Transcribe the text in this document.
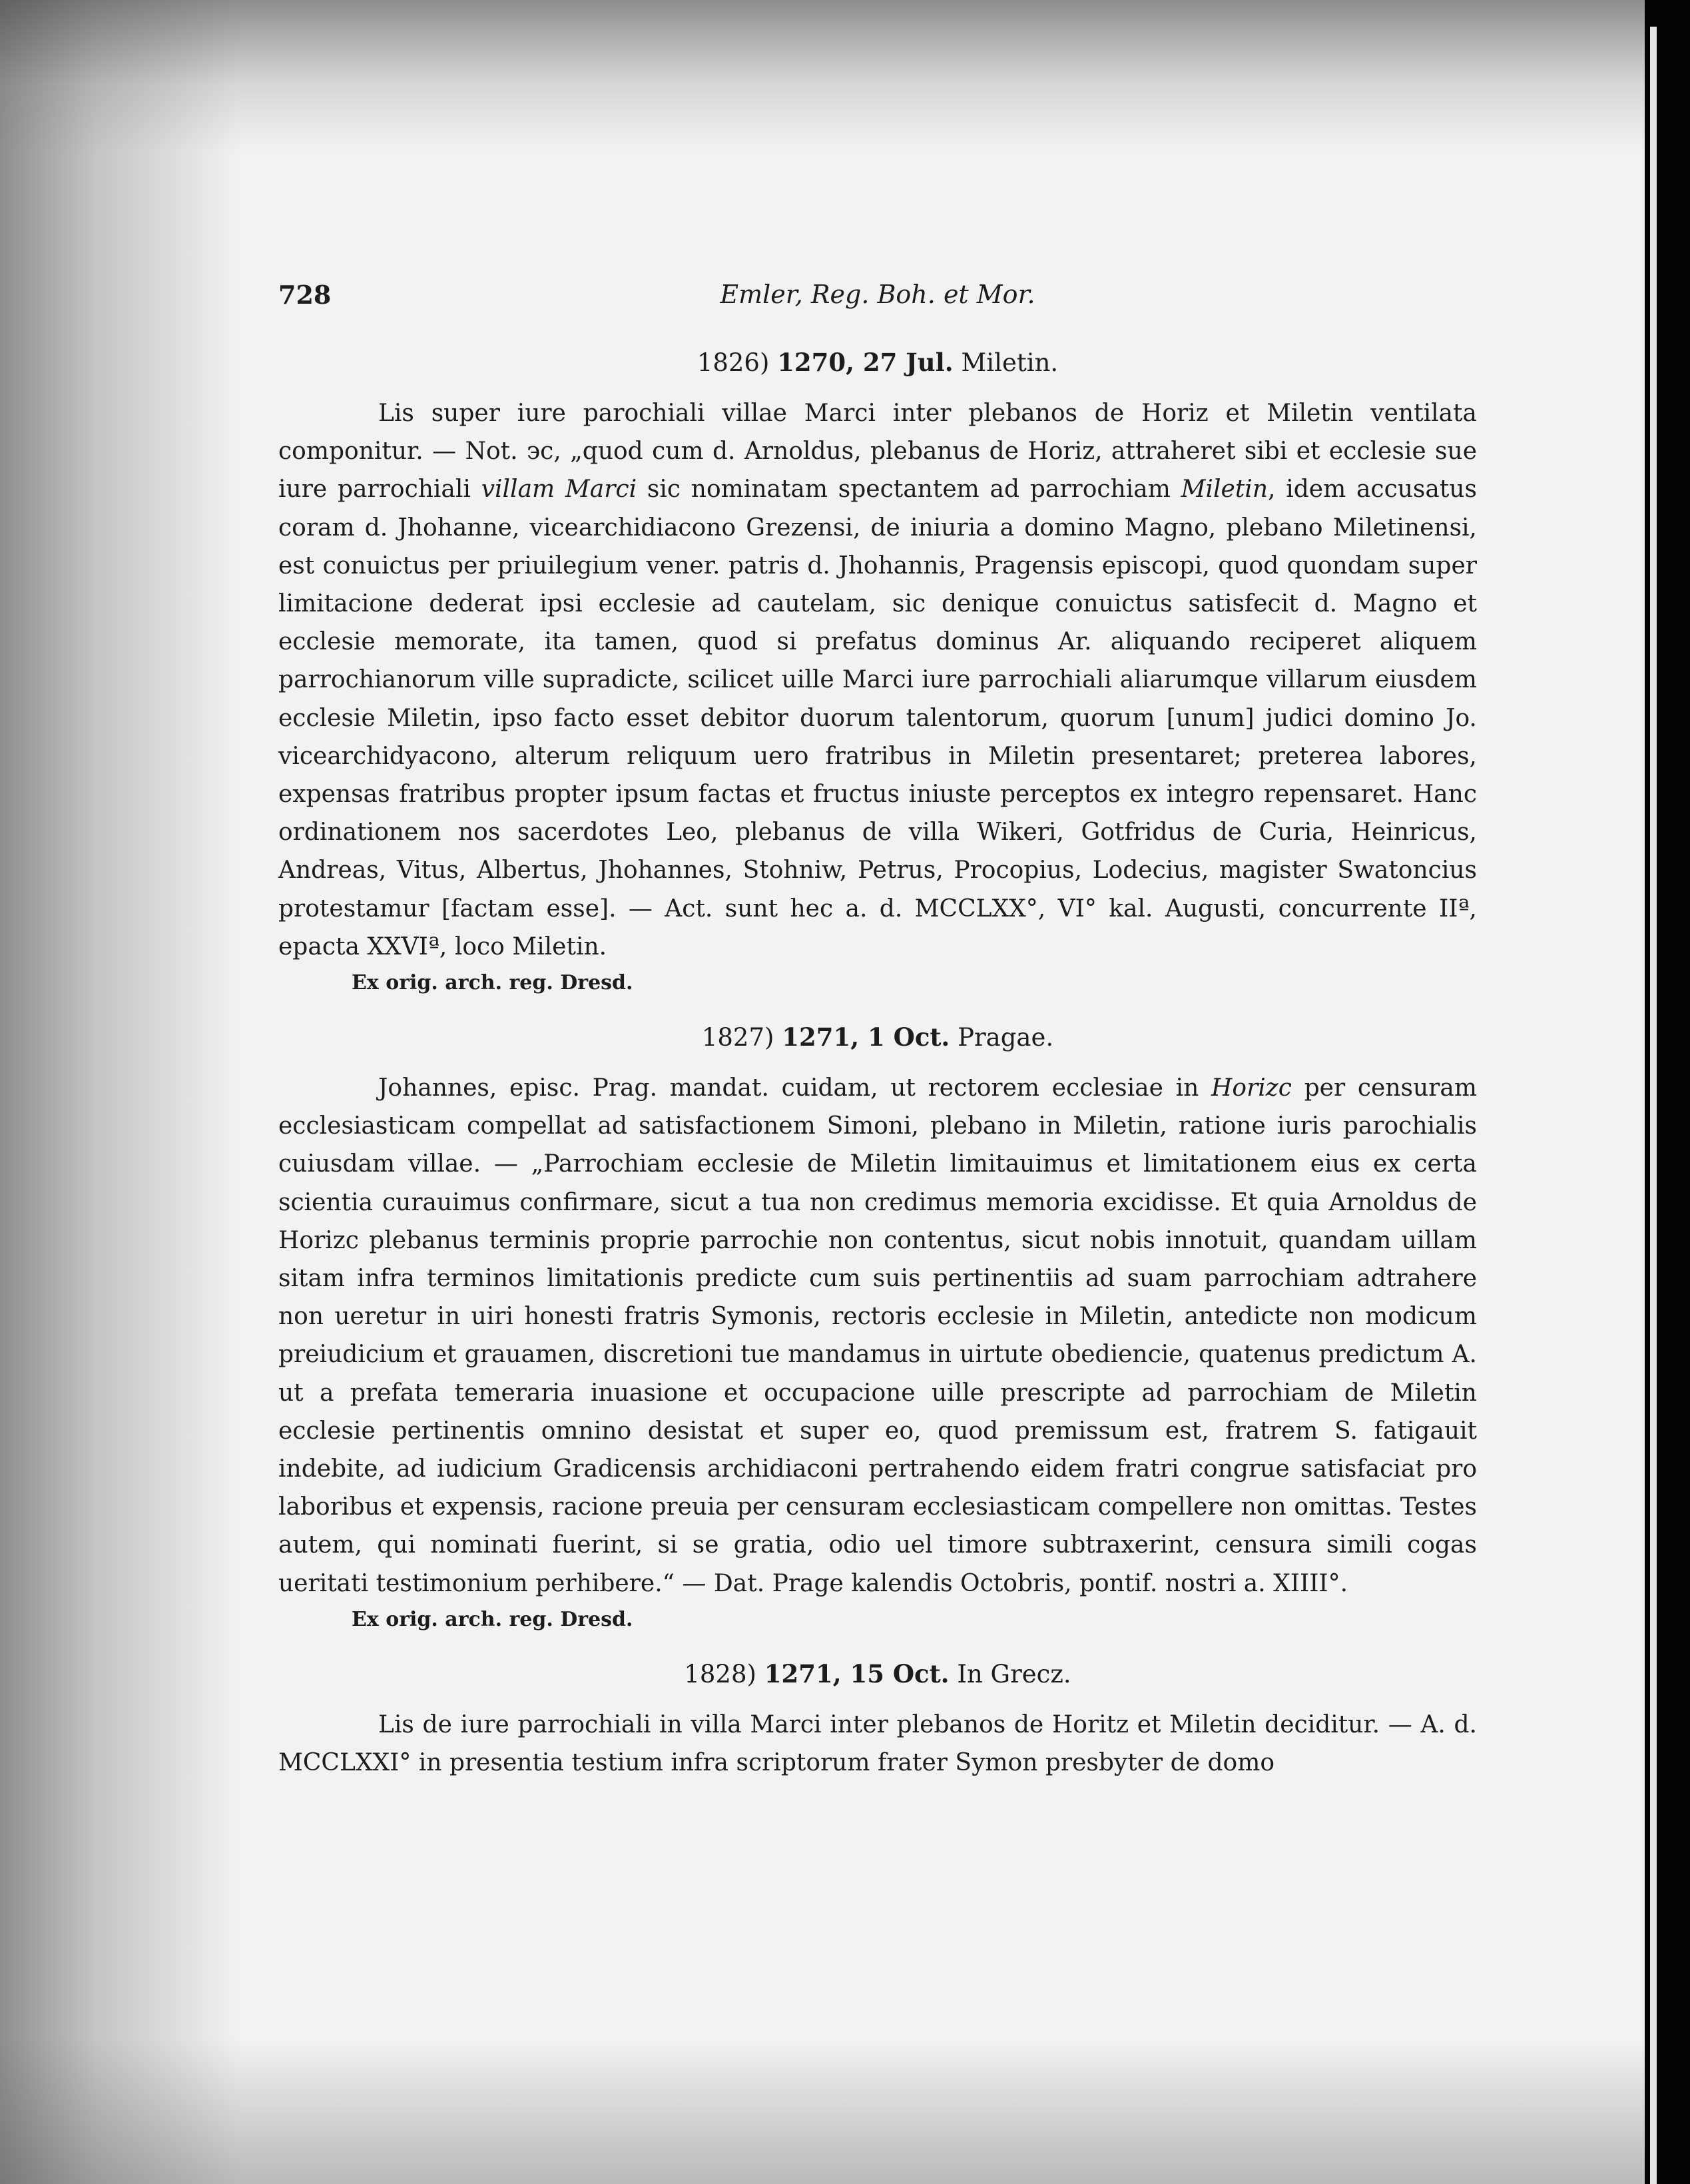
728	Emler, Reg. Boh. et Mor.
1826) 1270, 27 Jul. Miletin.

Lis super iure parochiali villae Marci inter plebanos de Horiz et Miletin ventilata componitur. — Not. эс, „quod cum d. Arnoldus, plebanus de Horiz, attraheret sibi et ecclesie sue iure parrochiali villam Marci sic nominatam spectantem ad parrochiam Miletin, idem accusatus coram d. Jhohanne, vicearchidiacono Grezensi, de iniuria a domino Magno, plebano Miletinensi, est conuictus per priuilegium vener. patris d. Jhohannis, Pragensis episcopi, quod quondam super limitacione dederat ipsi ecclesie ad cautelam, sic denique conuictus satisfecit d. Magno et ecclesie memorate, ita tamen, quod si prefatus dominus Ar. aliquando reciperet aliquem parrochianorum ville supradicte, scilicet uille Marci iure parrochiali aliarumque villarum eiusdem ecclesie Miletin, ipso facto esset debitor duorum talentorum, quorum [unum] judici domino Jo. vicearchidyacono, alterum reliquum uero fratribus in Miletin presentaret; preterea labores, expensas fratribus propter ipsum factas et fructus iniuste perceptos ex integro repensaret. Hanc ordinationem nos sacerdotes Leo, plebanus de villa Wikeri, Gotfridus de Curia, Heinricus, Andreas, Vitus, Albertus, Jhohannes, Stohniw, Petrus, Procopius, Lodecius, magister Swatoncius protestamur [factam esse]. — Act. sunt hec a. d. MCCLXX°, VI° kal. Augusti, concurrente IIª, epacta XXVIª, loco Miletin.

Ex orig. arch. reg. Dresd.
1827) 1271, 1 Oct. Pragae.

Johannes, episc. Prag. mandat. cuidam, ut rectorem ecclesiae in Horizc per censuram ecclesiasticam compellat ad satisfactionem Simoni, plebano in Miletin, ratione iuris parochialis cuiusdam villae. — „Parrochiam ecclesie de Miletin limitauimus et limitationem eius ex certa scientia curauimus confirmare, sicut a tua non credimus memoria excidisse. Et quia Arnoldus de Horizc plebanus terminis proprie parrochie non contentus, sicut nobis innotuit, quandam uillam sitam infra terminos limitationis predicte cum suis pertinentiis ad suam parrochiam adtrahere non ueretur in uiri honesti fratris Symonis, rectoris ecclesie in Miletin, antedicte non modicum preiudicium et grauamen, discretioni tue mandamus in uirtute obediencie, quatenus predictum A. ut a prefata temeraria inuasione et occupacione uille prescripte ad parrochiam de Miletin ecclesie pertinentis omnino desistat et super eo, quod premissum est, fratrem S. fatigauit indebite, ad iudicium Gradicensis archidiaconi pertrahendo eidem fratri congrue satisfaciat pro laboribus et expensis, racione preuia per censuram ecclesiasticam compellere non omittas. Testes autem, qui nominati fuerint, si se gratia, odio uel timore subtraxerint, censura simili cogas ueritati testimonium perhibere.“ — Dat. Prage kalendis Octobris, pontif. nostri a. XIIII°.

Ex orig. arch. reg. Dresd.
1828) 1271, 15 Oct. In Grecz.

Lis de iure parrochiali in villa Marci inter plebanos de Horitz et Miletin deciditur. — A. d. MCCLXXI° in presentia testium infra scriptorum frater Symon presbyter de domo
